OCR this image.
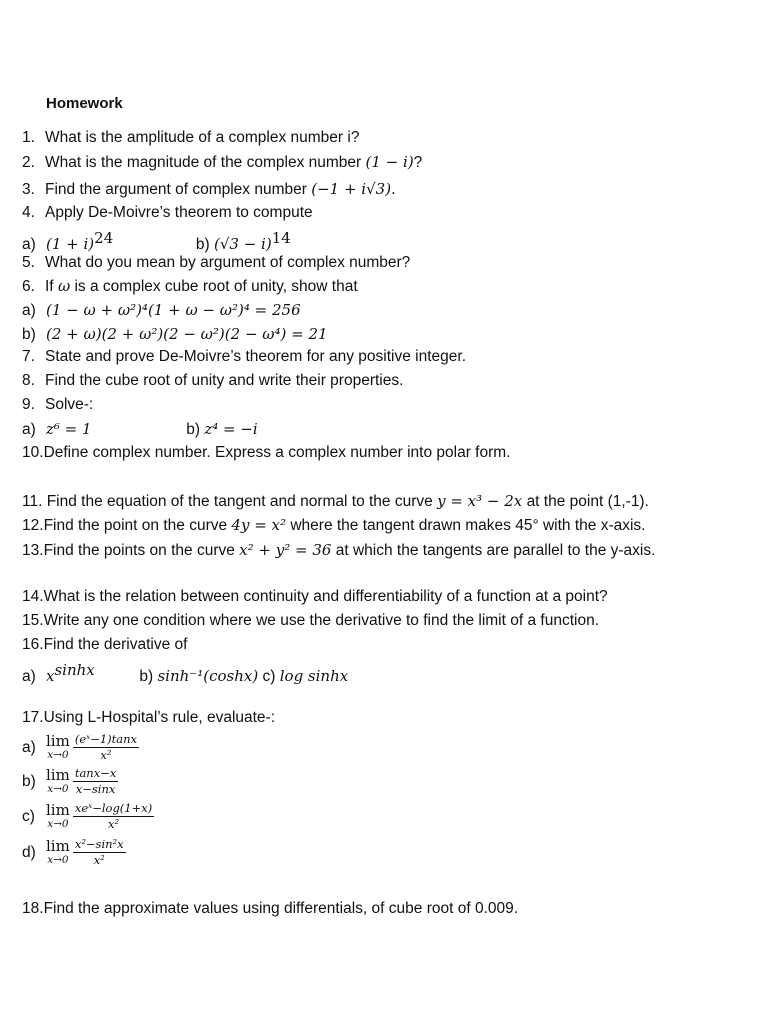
Homework
1. What is the amplitude of a complex number i?
2. What is the magnitude of the complex number (1 − i)?
3. Find the argument of complex number (−1 + i√3).
4. Apply De-Moivre’s theorem to compute
a) $(1 + i)^{24}$	b) $(√3 - i)^{14}$
5. What do you mean by argument of complex number?
6. If ω is a complex cube root of unity, show that
a) (1 − ω + ω²)⁴(1 + ω − ω²)⁴ = 256
b) (2 + ω)(2 + ω²)(2 − ω²)(2 − ω⁴) = 21
7. State and prove De-Moivre’s theorem for any positive integer.
8. Find the cube root of unity and write their properties.
9. Solve-:
a) z⁶ = 1	b) z⁴ = −i
10.Define complex number. Express a complex number into polar form.
11. Find the equation of the tangent and normal to the curve y = x³ − 2x at the point (1,-1).
12.Find the point on the curve 4y = x² where the tangent drawn makes 45° with the x-axis.
13.Find the points on the curve x² + y² = 36 at which the tangents are parallel to the y-axis.
14.What is the relation between continuity and differentiability of a function at a point?
15.Write any one condition where we use the derivative to find the limit of a function.
16.Find the derivative of
a) $x^{sinhx}$	b) sinh⁻¹(coshx) c) log sinhx
17.Using L-Hospital’s rule, evaluate-:
a) lim
$x\to 0 \frac{\text{(eˣ−1)tanx}}{\text{x²}}$
b) lim
$x\to 0 \frac{\tan x-x}{x-\sin x}$
c) lim
$x\to 0 \frac{\text{xeˣ−log(1+x)}}{\text{x²}}$
d) lim
$x\to 0 \frac{\text{x²−sin²x}}{\text{x²}}$
18.Find the approximate values using differentials, of cube root of 0.009.
